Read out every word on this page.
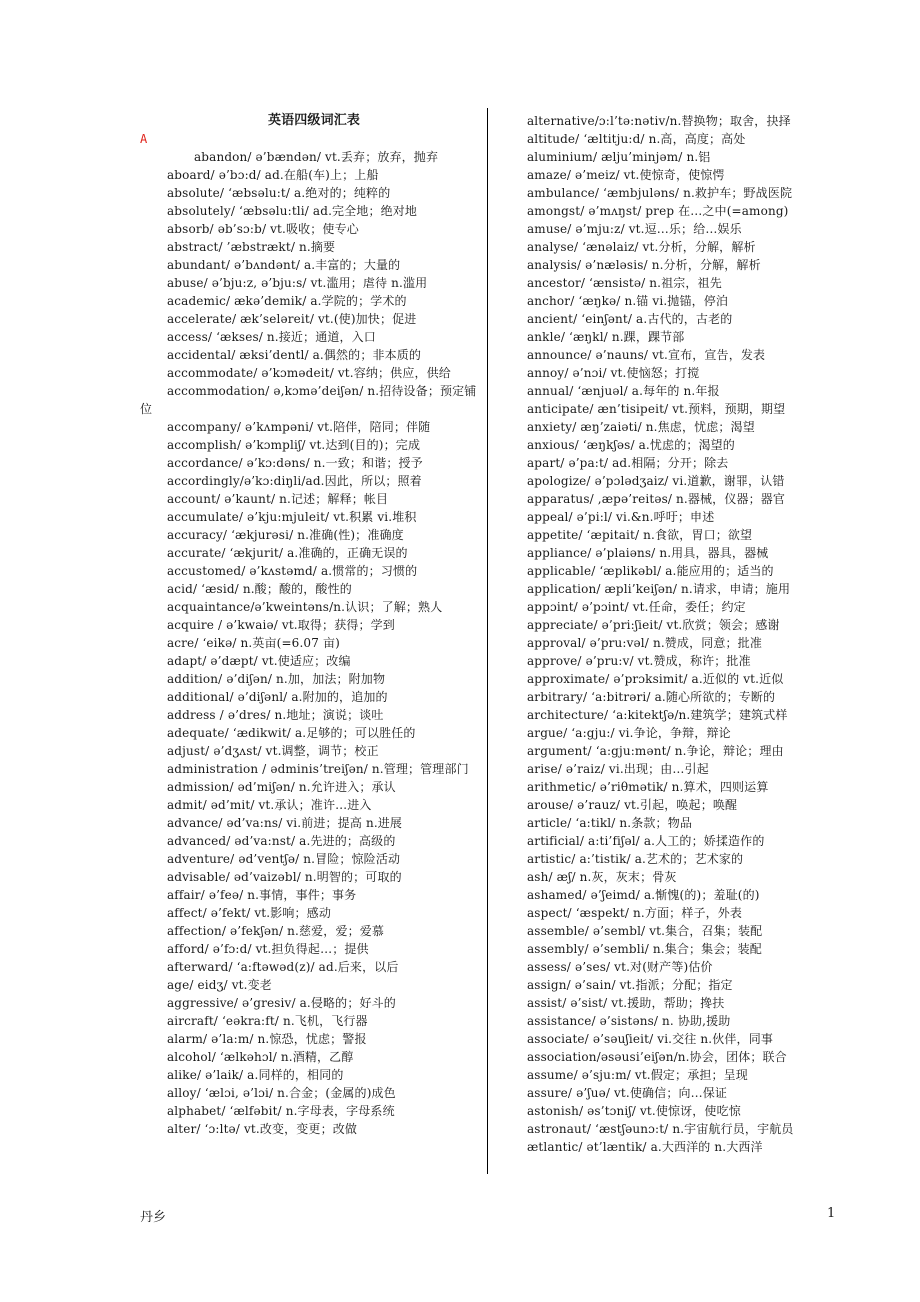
英语四级词汇表
A
abandon/ ə’bændən/ vt.丢弃；放弃，抛弃
aboard/ ə’bɔ:d/ ad.在船(车)上；上船
absolute/ ‘æbsəlu:t/ a.绝对的；纯粹的
absolutely/ ‘æbsəlu:tli/ ad.完全地；绝对地
absorb/ əb’sɔ:b/ vt.吸收；使专心
abstract/ ’æbstrækt/ n.摘要
abundant/ ə’bʌndənt/ a.丰富的；大量的
abuse/ ə’bju:z, ə’bju:s/ vt.滥用；虐待 n.滥用
academic/ ækə’demik/ a.学院的；学术的
accelerate/ æk’seləreit/ vt.(使)加快；促进
access/ ‘ækses/ n.接近；通道，入口
accidental/ æksi’dentl/ a.偶然的；非本质的
accommodate/ ə’kɔmədeit/ vt.容纳；供应，供给
accommodation/ ə,kɔmə’deiʃən/ n.招待设备；预定铺位
accompany/ ə’kʌmpəni/ vt.陪伴，陪同；伴随
accomplish/ ə’kɔmpliʃ/ vt.达到(目的)；完成
accordance/ ə’kɔ:dəns/ n.一致；和谐；授予
accordingly/ə’kɔ:diŋli/ad.因此，所以；照着
account/ ə’kaunt/ n.记述；解释；帐目
accumulate/ ə’kju:mjuleit/ vt.积累 vi.堆积
accuracy/ ‘ækjurəsi/ n.准确(性)；准确度
accurate/ ‘ækjurit/ a.准确的，正确无误的
accustomed/ ə’kʌstəmd/ a.惯常的；习惯的
acid/ ‘æsid/ n.酸；酸的，酸性的
acquaintance/ə’kweintəns/n.认识；了解；熟人
acquire / ə’kwaiə/ vt.取得；获得；学到
acre/ ‘eikə/ n.英亩(=6.07 亩)
adapt/ ə’dæpt/ vt.使适应；改编
addition/ ə’diʃən/ n.加，加法；附加物
additional/ ə’diʃənl/ a.附加的，追加的
address / ə’dres/ n.地址；演说；谈吐
adequate/ ‘ædikwit/ a.足够的；可以胜任的
adjust/ ə’dʒʌst/ vt.调整，调节；校正
administration / ədminis’treiʃən/ n.管理；管理部门
admission/ əd’miʃən/ n.允许进入；承认
admit/ əd’mit/ vt.承认；准许…进入
advance/ əd’va:ns/ vi.前进；提高 n.进展
advanced/ əd’va:nst/ a.先进的；高级的
adventure/ əd’ventʃə/ n.冒险；惊险活动
advisable/ əd’vaizəbl/ n.明智的；可取的
affair/ ə’feə/ n.事情，事件；事务
affect/ ə’fekt/ vt.影响；感动
affection/ ə’fekʃən/ n.慈爱，爱；爱慕
afford/ ə’fɔ:d/ vt.担负得起…；提供
afterward/ ‘a:ftəwəd(z)/ ad.后来，以后
age/ eidʒ/ vt.变老
aggressive/ ə’gresiv/ a.侵略的；好斗的
aircraft/ ‘eəkra:ft/ n.飞机，飞行器
alarm/ ə’la:m/ n.惊恐，忧虑；警报
alcohol/ ‘ælkəhɔl/ n.酒精，乙醇
alike/ ə’laik/ a.同样的，相同的
alloy/ ‘ælɔi, ə’lɔi/ n.合金；(金属的)成色
alphabet/ ‘ælfəbit/ n.字母表，字母系统
alter/ ‘ɔ:ltə/ vt.改变，变更；改做
alternative/ɔ:l’tə:nətiv/n.替换物；取舍，抉择
altitude/ ‘æltitju:d/ n.高，高度；高处
aluminium/ ælju’minjəm/ n.铝
amaze/ ə’meiz/ vt.使惊奇，使惊愕
ambulance/ ‘æmbjuləns/ n.救护车；野战医院
amongst/ ə’mʌŋst/ prep 在…之中(=among)
amuse/ ə’mju:z/ vt.逗…乐；给…娱乐
analyse/ ‘ænəlaiz/ vt.分析，分解，解析
analysis/ ə’næləsis/ n.分析，分解，解析
ancestor/ ‘ænsistə/ n.祖宗，祖先
anchor/ ‘æŋkə/ n.锚 vi.抛锚，停泊
ancient/ ‘einʃənt/ a.古代的，古老的
ankle/ ‘æŋkl/ n.踝，踝节部
announce/ ə’nauns/ vt.宣布，宣告，发表
annoy/ ə’nɔi/ vt.使恼怒；打搅
annual/ ‘ænjuəl/ a.每年的 n.年报
anticipate/ æn’tisipeit/ vt.预料，预期，期望
anxiety/ æŋ’zaiəti/ n.焦虑，忧虑；渴望
anxious/ ‘æŋkʃəs/ a.忧虑的；渴望的
apart/ ə’pa:t/ ad.相隔；分开；除去
apologize/ ə’pɔlədʒaiz/ vi.道歉，谢罪，认错
apparatus/ ,æpə’reitəs/ n.器械，仪器；器官
appeal/ ə’pi:l/ vi.&n.呼吁；申述
appetite/ ‘æpitait/ n.食欲，胃口；欲望
appliance/ ə’plaiəns/ n.用具，器具，器械
applicable/ ‘æplikəbl/ a.能应用的；适当的
application/ æpli’keiʃən/ n.请求，申请；施用
appɔint/ ə’pɔint/ vt.任命，委任；约定
appreciate/ ə’pri:ʃieit/ vt.欣赏；领会；感谢
approval/ ə’pru:vəl/ n.赞成，同意；批准
approve/ ə’pru:v/ vt.赞成，称许；批准
approximate/ ə’prɔksimit/ a.近似的 vt.近似
arbitrary/ ‘a:bitrəri/ a.随心所欲的；专断的
architecture/ ‘a:kitektʃə/n.建筑学；建筑式样
argue/ ‘a:gju:/ vi.争论，争辩，辩论
argument/ ‘a:gju:mənt/ n.争论，辩论；理由
arise/ ə’raiz/ vi.出现；由…引起
arithmetic/ ə’riθmətik/ n.算术，四则运算
arouse/ ə’rauz/ vt.引起，唤起；唤醒
article/ ‘a:tikl/ n.条款；物品
artificial/ a:ti’fiʃəl/ a.人工的；娇揉造作的
artistic/ a:’tistik/ a.艺术的；艺术家的
ash/ æʃ/ n.灰，灰末；骨灰
ashamed/ ə’ʃeimd/ a.惭愧(的)；羞耻(的)
aspect/ ‘æspekt/ n.方面；样子，外表
assemble/ ə’sembl/ vt.集合，召集；装配
assembly/ ə’sembli/ n.集合；集会；装配
assess/ ə’ses/ vt.对(财产等)估价
assign/ ə’sain/ vt.指派；分配；指定
assist/ ə’sist/ vt.援助，帮助；搀扶
assistance/ ə’sistəns/ n. 协助,援助
associate/ ə’səuʃieit/ vi.交往 n.伙伴，同事
association/əsəusi’eiʃən/n.协会，团体；联合
assume/ ə’sju:m/ vt.假定；承担；呈现
assure/ ə’ʃuə/ vt.使确信；向…保证
astonish/ əs’tɔniʃ/ vt.使惊讶，使吃惊
astronaut/ ‘æstʃəunɔ:t/ n.宇宙航行员，宇航员
ætlantic/ ət’læntik/ a.大西洋的 n.大西洋
丹乡	1
